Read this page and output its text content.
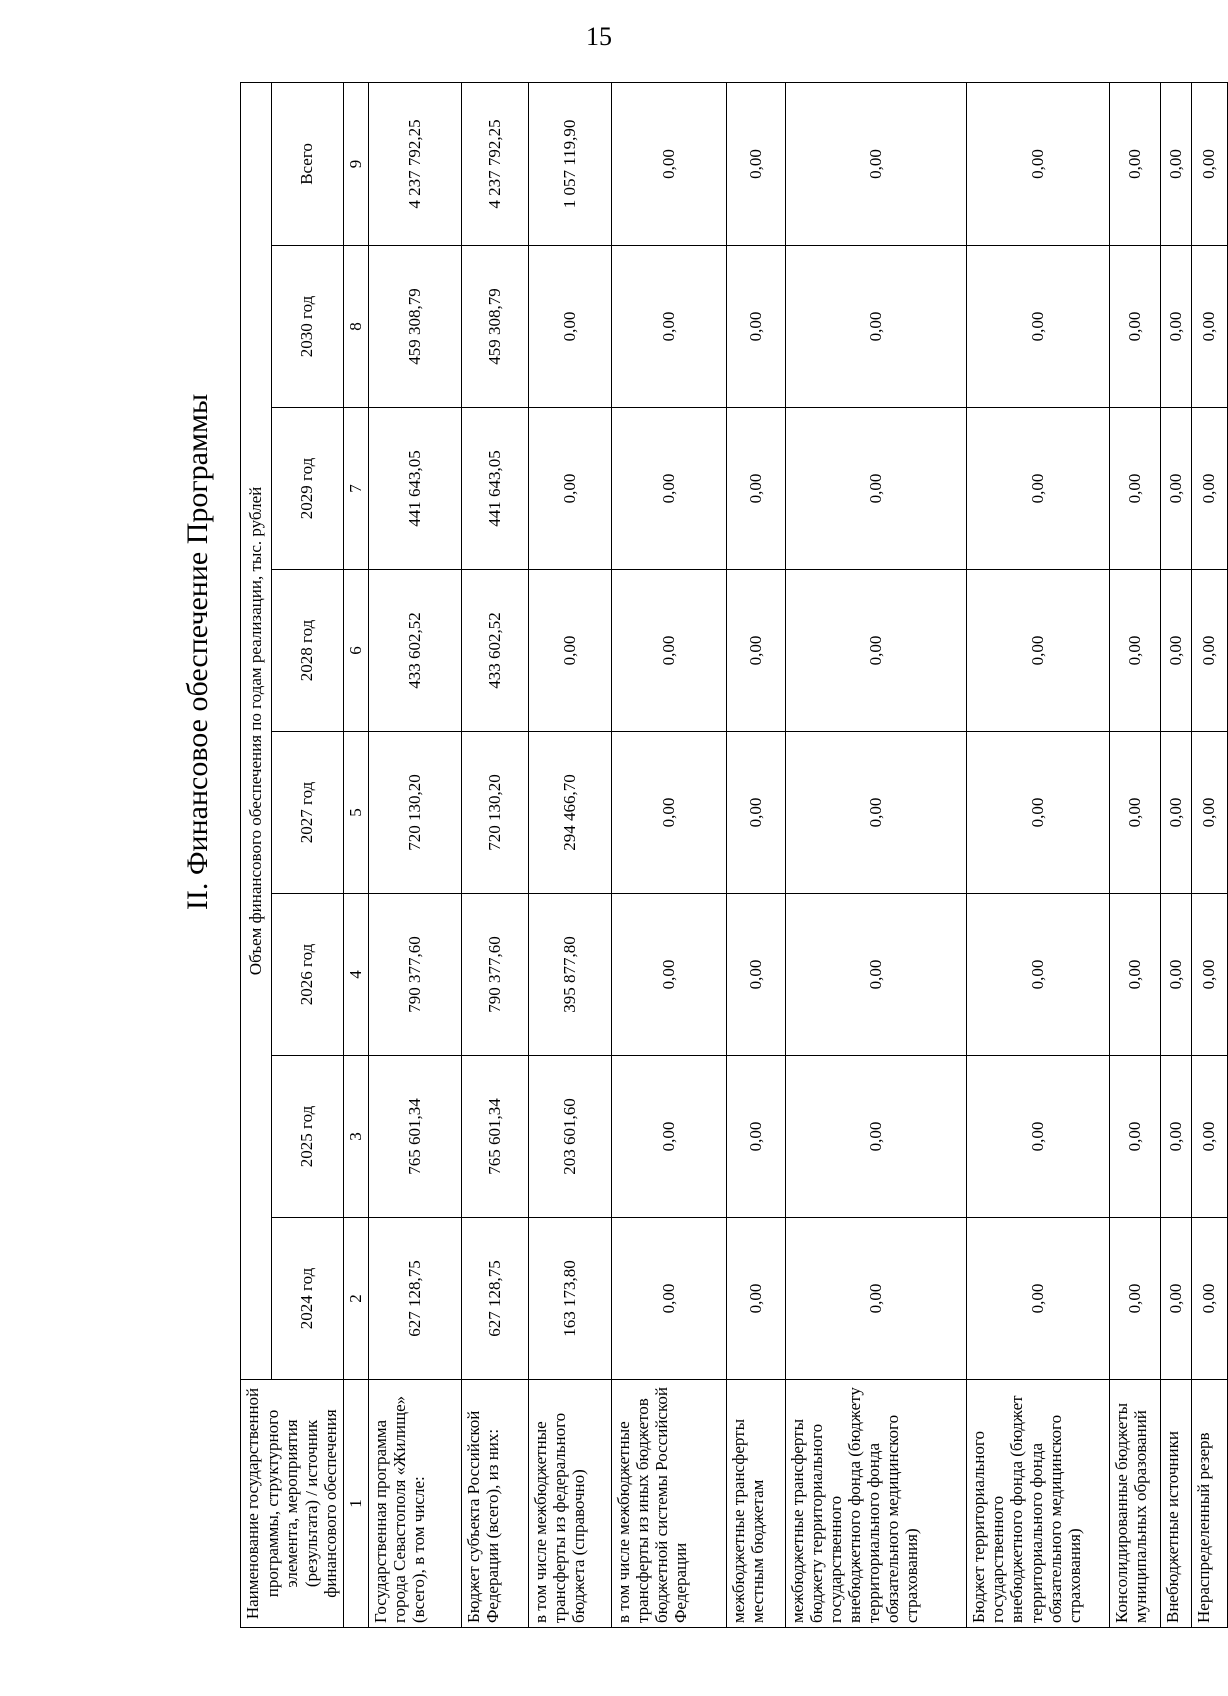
15
II. Финансовое обеспечение Программы
Наименование государственной программы, структурного элемента, мероприятия (результата) / источник финансового обеспечения	Объем финансового обеспечения по годам реализации, тыс. рублей							
	2024 год	2025 год	2026 год	2027 год	2028 год	2029 год	2030 год	Всего
1	2	3	4	5	6	7	8	9
Государственная программа города Севастополя «Жилище» (всего), в том числе:	627 128,75	765 601,34	790 377,60	720 130,20	433 602,52	441 643,05	459 308,79	4 237 792,25
Бюджет субъекта Российской Федерации (всего), из них:	627 128,75	765 601,34	790 377,60	720 130,20	433 602,52	441 643,05	459 308,79	4 237 792,25
в том числе межбюджетные трансферты из федерального бюджета (справочно)	163 173,80	203 601,60	395 877,80	294 466,70	0,00	0,00	0,00	1 057 119,90
в том числе межбюджетные трансферты из иных бюджетов бюджетной системы Российской Федерации	0,00	0,00	0,00	0,00	0,00	0,00	0,00	0,00
межбюджетные трансферты местным бюджетам	0,00	0,00	0,00	0,00	0,00	0,00	0,00	0,00
межбюджетные трансферты бюджету территориального государственного внебюджетного фонда (бюджету территориального фонда обязательного медицинского страхования)	0,00	0,00	0,00	0,00	0,00	0,00	0,00	0,00
Бюджет территориального государственного внебюджетного фонда (бюджет территориального фонда обязательного медицинского страхования)	0,00	0,00	0,00	0,00	0,00	0,00	0,00	0,00
Консолидированные бюджеты муниципальных образований	0,00	0,00	0,00	0,00	0,00	0,00	0,00	0,00
Внебюджетные источники	0,00	0,00	0,00	0,00	0,00	0,00	0,00	0,00
Нераспределенный резерв	0,00	0,00	0,00	0,00	0,00	0,00	0,00	0,00
